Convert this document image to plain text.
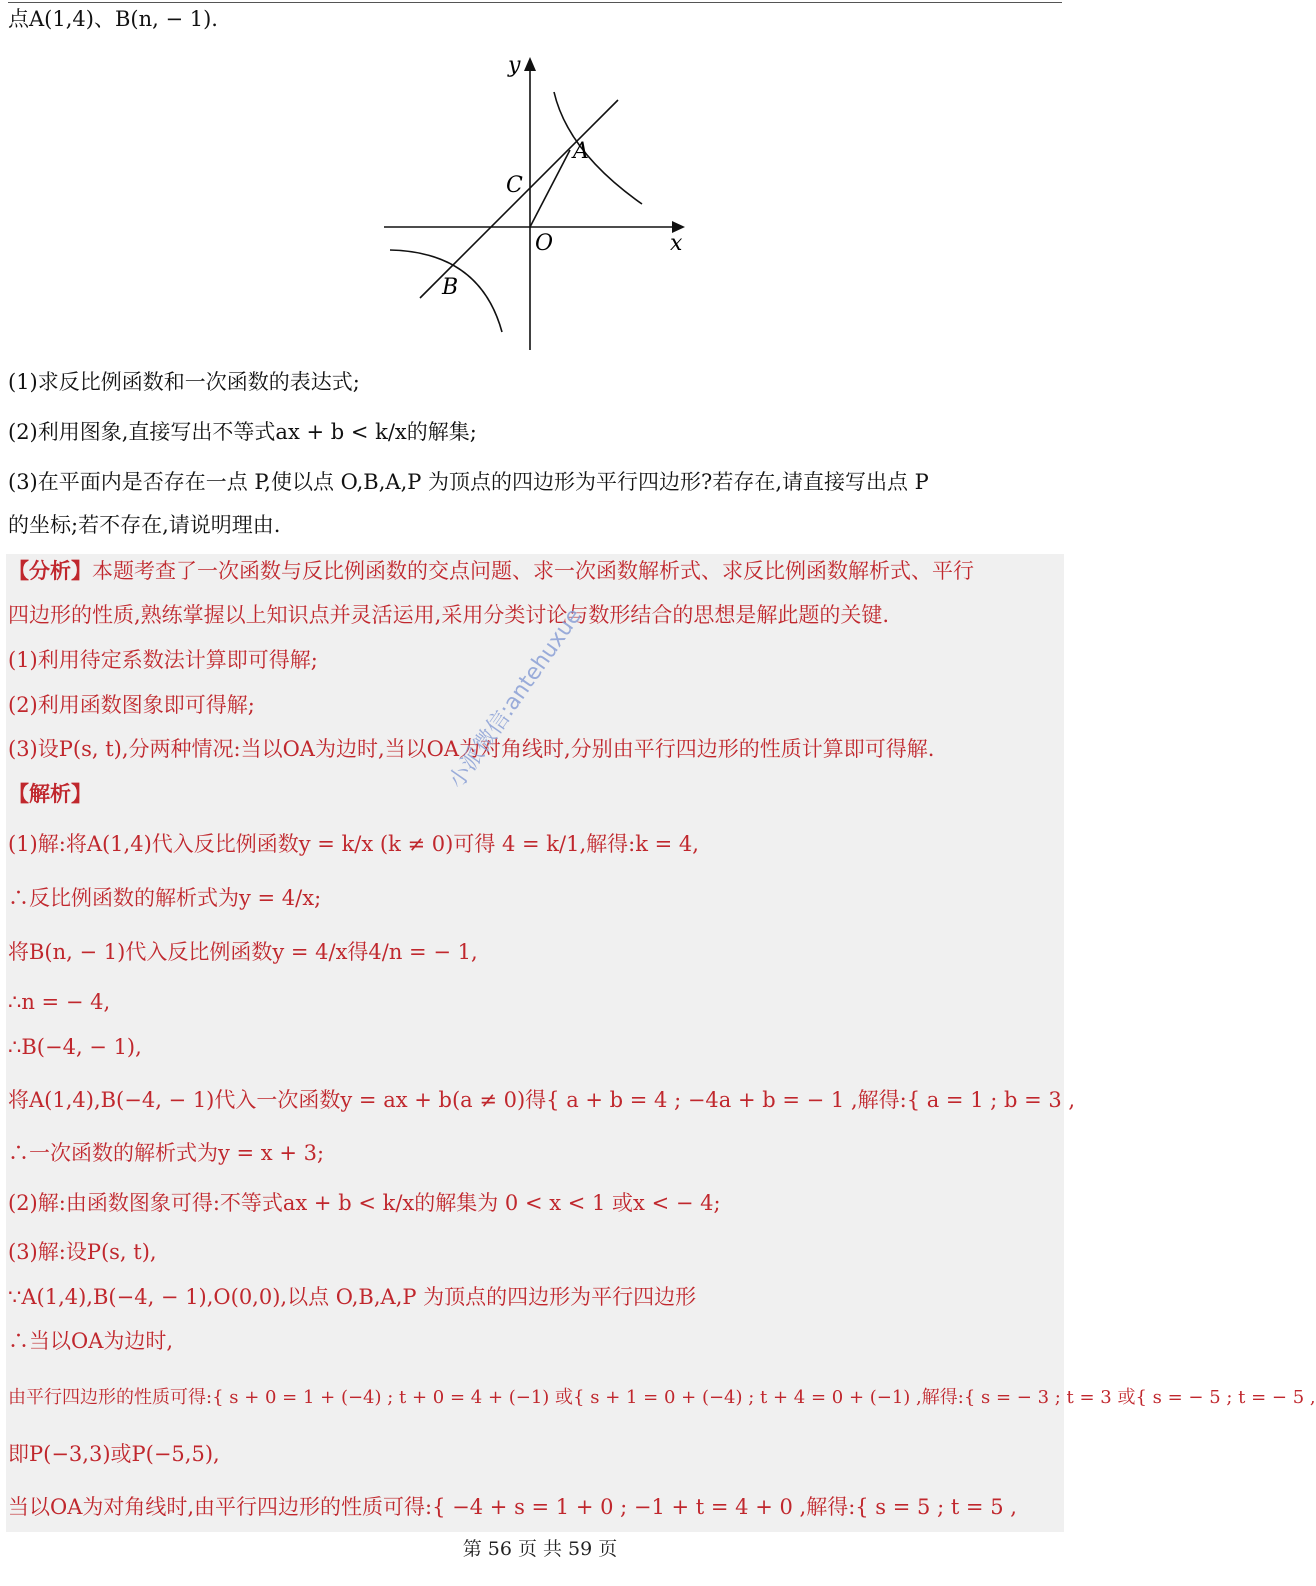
点A(1,4)、B(n, − 1).
y
x
O
A
B
C
(1)求反比例函数和一次函数的表达式;
(2)利用图象,直接写出不等式ax + b < k/x的解集;
(3)在平面内是否存在一点 P,使以点 O,B,A,P 为顶点的四边形为平行四边形?若存在,请直接写出点 P
的坐标;若不存在,请说明理由.
【分析】本题考查了一次函数与反比例函数的交点问题、求一次函数解析式、求反比例函数解析式、平行
四边形的性质,熟练掌握以上知识点并灵活运用,采用分类讨论与数形结合的思想是解此题的关键.
(1)利用待定系数法计算即可得解;
(2)利用函数图象即可得解;
(3)设P(s, t),分两种情况:当以OA为边时,当以OA为对角线时,分别由平行四边形的性质计算即可得解.
【解析】
(1)解:将A(1,4)代入反比例函数y = k/x (k ≠ 0)可得 4 = k/1,解得:k = 4,
∴反比例函数的解析式为y = 4/x;
将B(n, − 1)代入反比例函数y = 4/x得4/n = − 1,
∴n = − 4,
∴B(−4, − 1),
将A(1,4),B(−4, − 1)代入一次函数y = ax + b(a ≠ 0)得{ a + b = 4 ; −4a + b = − 1 ,解得:{ a = 1 ; b = 3 ,
∴一次函数的解析式为y = x + 3;
(2)解:由函数图象可得:不等式ax + b < k/x的解集为 0 < x < 1 或x < − 4;
(3)解:设P(s, t),
∵A(1,4),B(−4, − 1),O(0,0),以点 O,B,A,P 为顶点的四边形为平行四边形
∴当以OA为边时,
由平行四边形的性质可得:{ s + 0 = 1 + (−4) ; t + 0 = 4 + (−1) 或{ s + 1 = 0 + (−4) ; t + 4 = 0 + (−1) ,解得:{ s = − 3 ; t = 3 或{ s = − 5 ; t = − 5 ,
即P(−3,3)或P(−5,5),
当以OA为对角线时,由平行四边形的性质可得:{ −4 + s = 1 + 0 ; −1 + t = 4 + 0 ,解得:{ s = 5 ; t = 5 ,
小派微信:antehuxue
第 56 页 共 59 页
